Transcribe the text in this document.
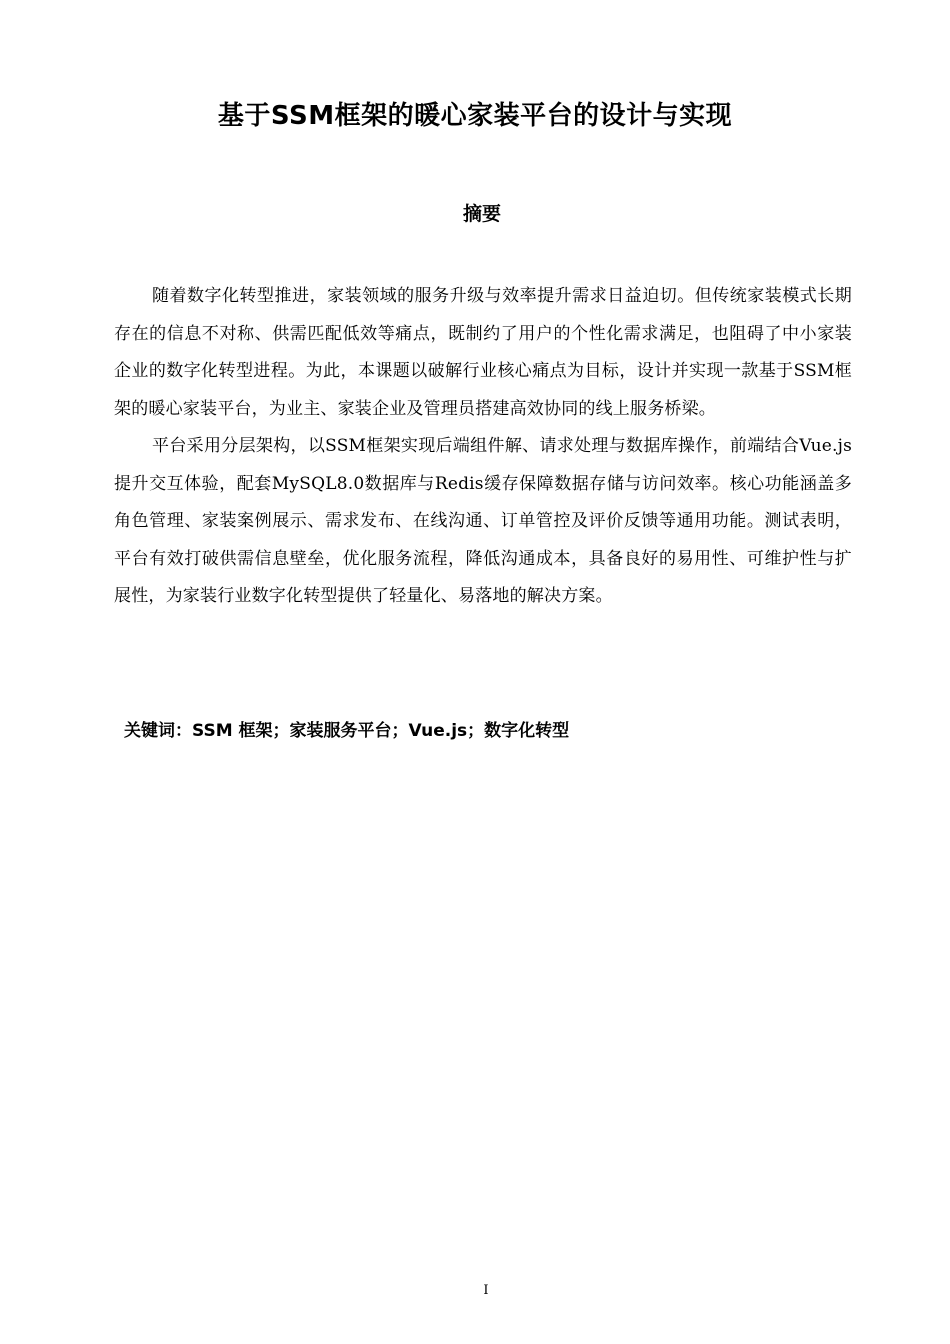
基于SSM框架的暖心家装平台的设计与实现
摘要

随着数字化转型推进，家装领域的服务升级与效率提升需求日益迫切。但传统家装模式长期存在的信息不对称、供需匹配低效等痛点，既制约了用户的个性化需求满足，也阻碍了中小家装企业的数字化转型进程。为此，本课题以破解行业核心痛点为目标，设计并实现一款基于SSM框架的暖心家装平台，为业主、家装企业及管理员搭建高效协同的线上服务桥梁。

平台采用分层架构，以SSM框架实现后端组件解、请求处理与数据库操作，前端结合Vue.js提升交互体验，配套MySQL8.0数据库与Redis缓存保障数据存储与访问效率。核心功能涵盖多角色管理、家装案例展示、需求发布、在线沟通、订单管控及评价反馈等通用功能。测试表明，平台有效打破供需信息壁垒，优化服务流程，降低沟通成本，具备良好的易用性、可维护性与扩展性，为家装行业数字化转型提供了轻量化、易落地的解决方案。

关键词：SSM 框架；家装服务平台；Vue.js；数字化转型
I
